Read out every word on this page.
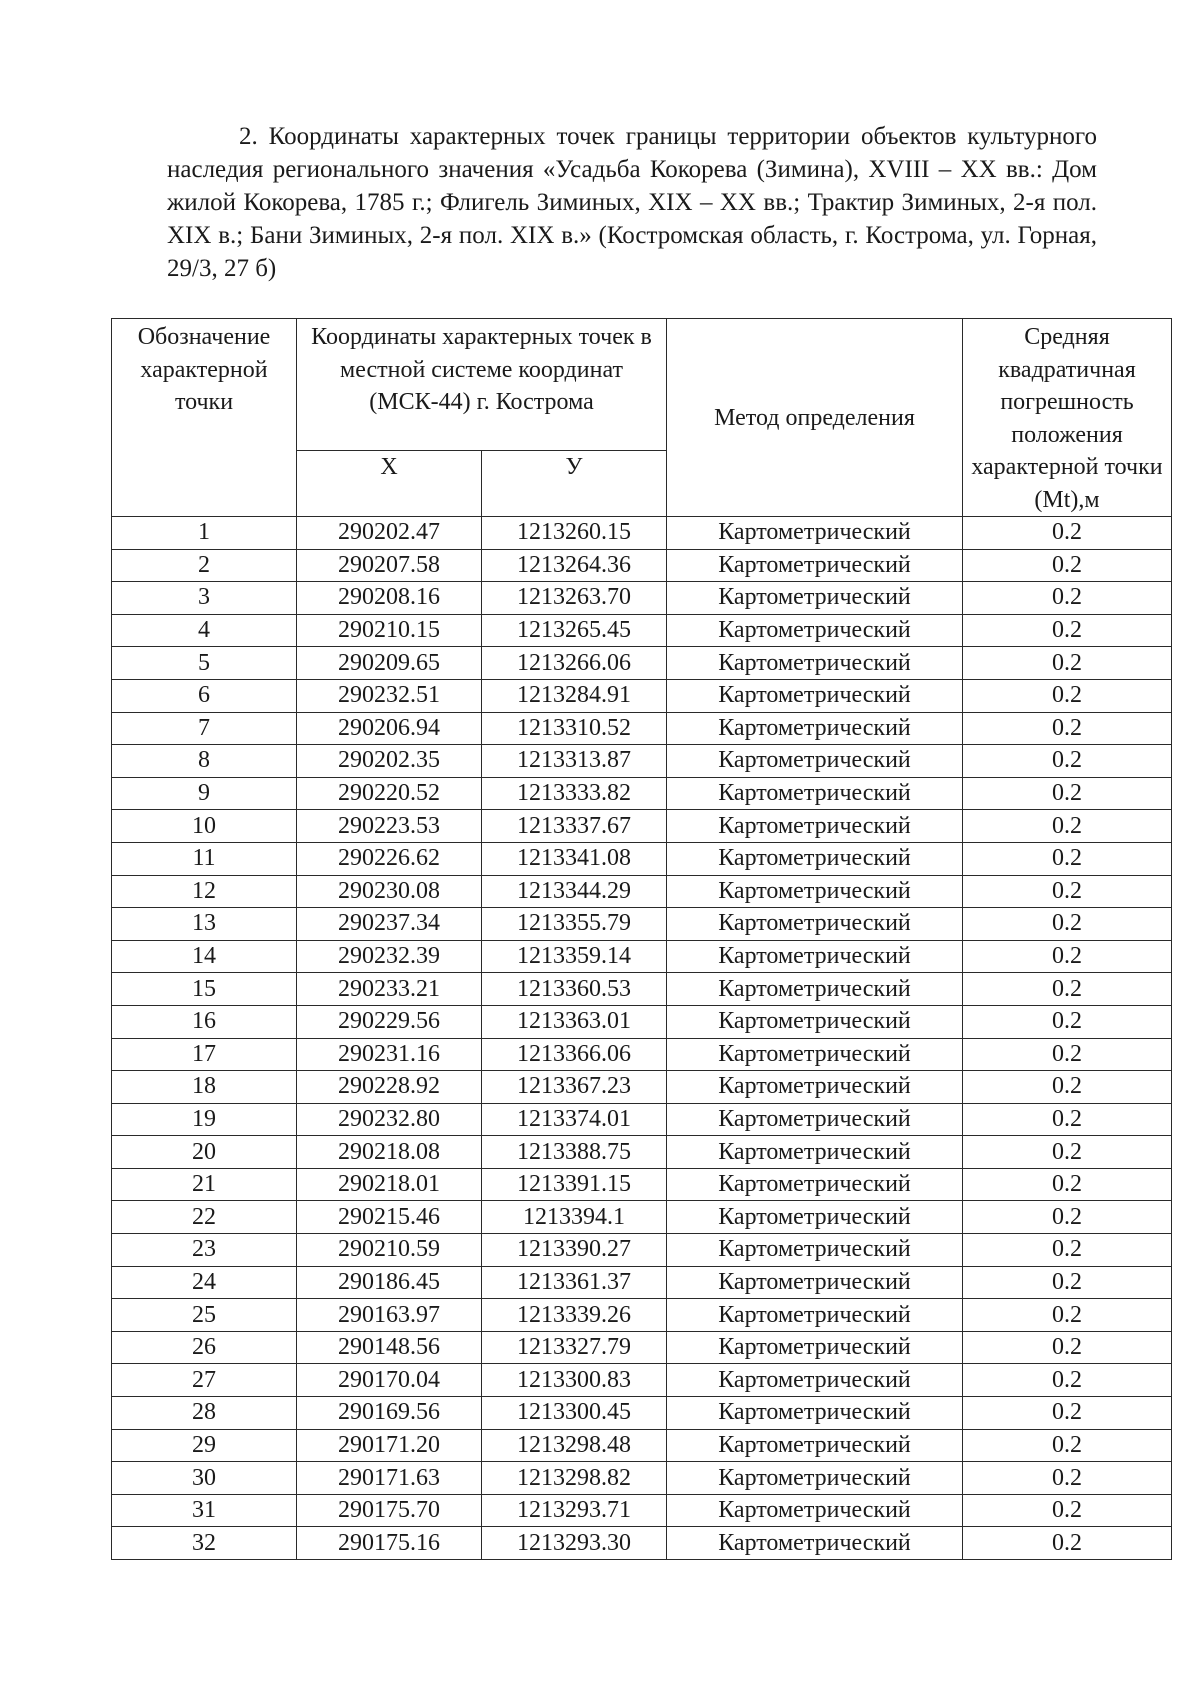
2. Координаты характерных точек границы территории объектов культурного наследия регионального значения «Усадьба Кокорева (Зимина), XVIII – XX вв.: Дом жилой Кокорева, 1785 г.; Флигель Зиминых, XIX – XX вв.; Трактир Зиминых, 2-я пол. XIX в.; Бани Зиминых, 2-я пол. XIX в.» (Костромская область, г. Кострома, ул. Горная, 29/3, 27 б)
Обозначение характерной точки	Координаты характерных точек в местной системе координат (МСК-44) г. Кострома		Метод определения	Средняя квадратичная погрешность положения характерной точки (Mt),м
	X	У		
1	290202.47	1213260.15	Картометрический	0.2
2	290207.58	1213264.36	Картометрический	0.2
3	290208.16	1213263.70	Картометрический	0.2
4	290210.15	1213265.45	Картометрический	0.2
5	290209.65	1213266.06	Картометрический	0.2
6	290232.51	1213284.91	Картометрический	0.2
7	290206.94	1213310.52	Картометрический	0.2
8	290202.35	1213313.87	Картометрический	0.2
9	290220.52	1213333.82	Картометрический	0.2
10	290223.53	1213337.67	Картометрический	0.2
11	290226.62	1213341.08	Картометрический	0.2
12	290230.08	1213344.29	Картометрический	0.2
13	290237.34	1213355.79	Картометрический	0.2
14	290232.39	1213359.14	Картометрический	0.2
15	290233.21	1213360.53	Картометрический	0.2
16	290229.56	1213363.01	Картометрический	0.2
17	290231.16	1213366.06	Картометрический	0.2
18	290228.92	1213367.23	Картометрический	0.2
19	290232.80	1213374.01	Картометрический	0.2
20	290218.08	1213388.75	Картометрический	0.2
21	290218.01	1213391.15	Картометрический	0.2
22	290215.46	1213394.1	Картометрический	0.2
23	290210.59	1213390.27	Картометрический	0.2
24	290186.45	1213361.37	Картометрический	0.2
25	290163.97	1213339.26	Картометрический	0.2
26	290148.56	1213327.79	Картометрический	0.2
27	290170.04	1213300.83	Картометрический	0.2
28	290169.56	1213300.45	Картометрический	0.2
29	290171.20	1213298.48	Картометрический	0.2
30	290171.63	1213298.82	Картометрический	0.2
31	290175.70	1213293.71	Картометрический	0.2
32	290175.16	1213293.30	Картометрический	0.2
